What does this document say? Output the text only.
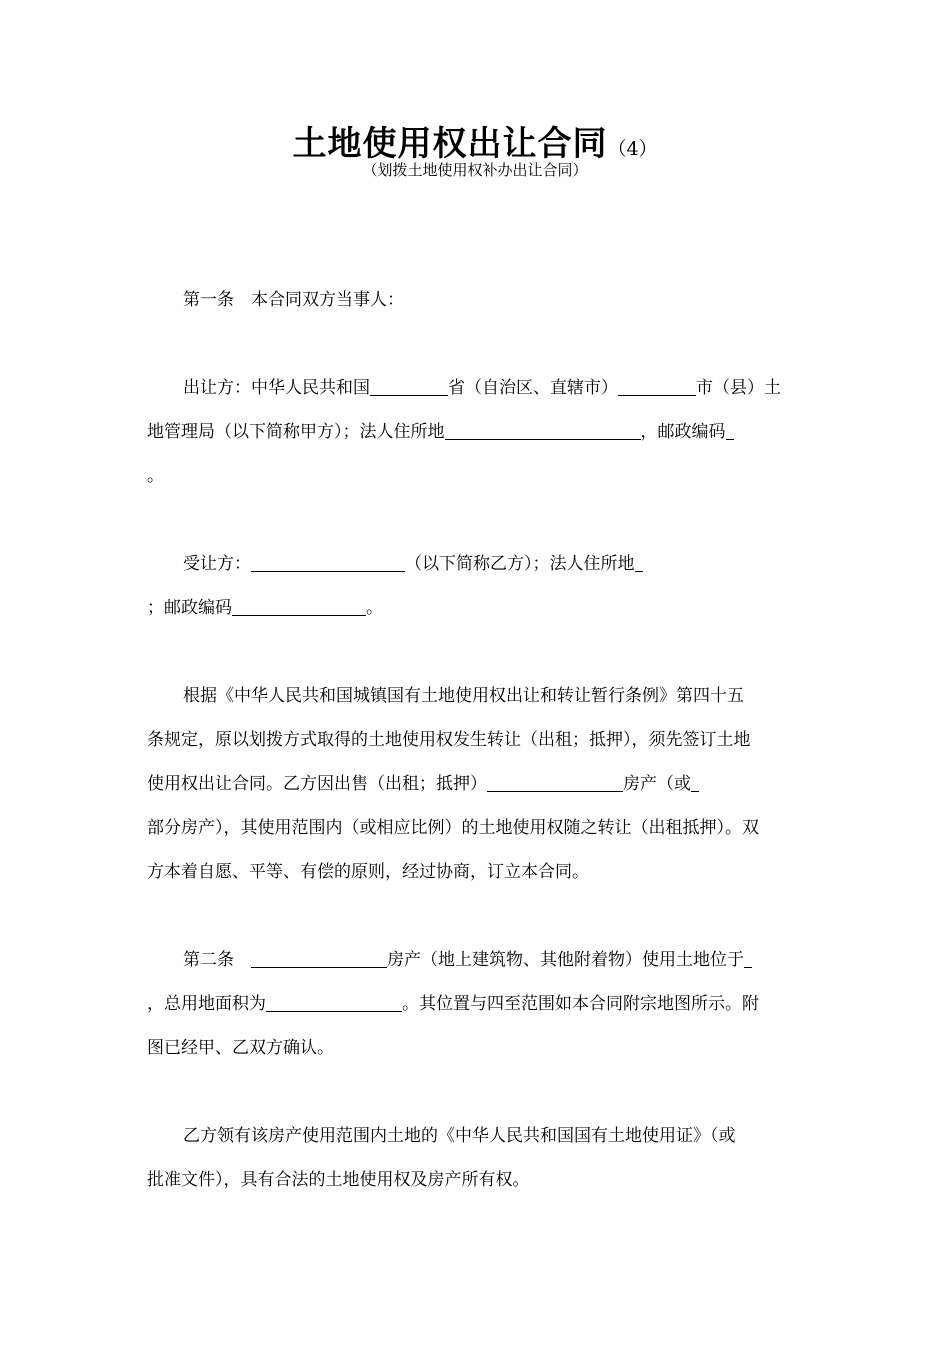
土地使用权出让合同（4）
（划拨土地使用权补办出让合同）

第一条　本合同双方当事人：

出让方：中华人民共和国	省（自治区、直辖市）	市（县）土
地管理局（以下简称甲方）；法人住所地	，邮政编码
。

受让方：	（以下简称乙方）；法人住所地
；邮政编码	。

根据《中华人民共和国城镇国有土地使用权出让和转让暂行条例》第四十五
条规定，原以划拨方式取得的土地使用权发生转让（出租；抵押），须先签订土地
使用权出让合同。乙方因出售（出租；抵押）	房产（或
部分房产），其使用范围内（或相应比例）的土地使用权随之转让（出租抵押）。双
方本着自愿、平等、有偿的原则，经过协商，订立本合同。

第二条　	房产（地上建筑物、其他附着物）使用土地位于
，总用地面积为	。其位置与四至范围如本合同附宗地图所示。附
图已经甲、乙双方确认。

乙方领有该房产使用范围内土地的《中华人民共和国国有土地使用证》（或
批准文件），具有合法的土地使用权及房产所有权。
